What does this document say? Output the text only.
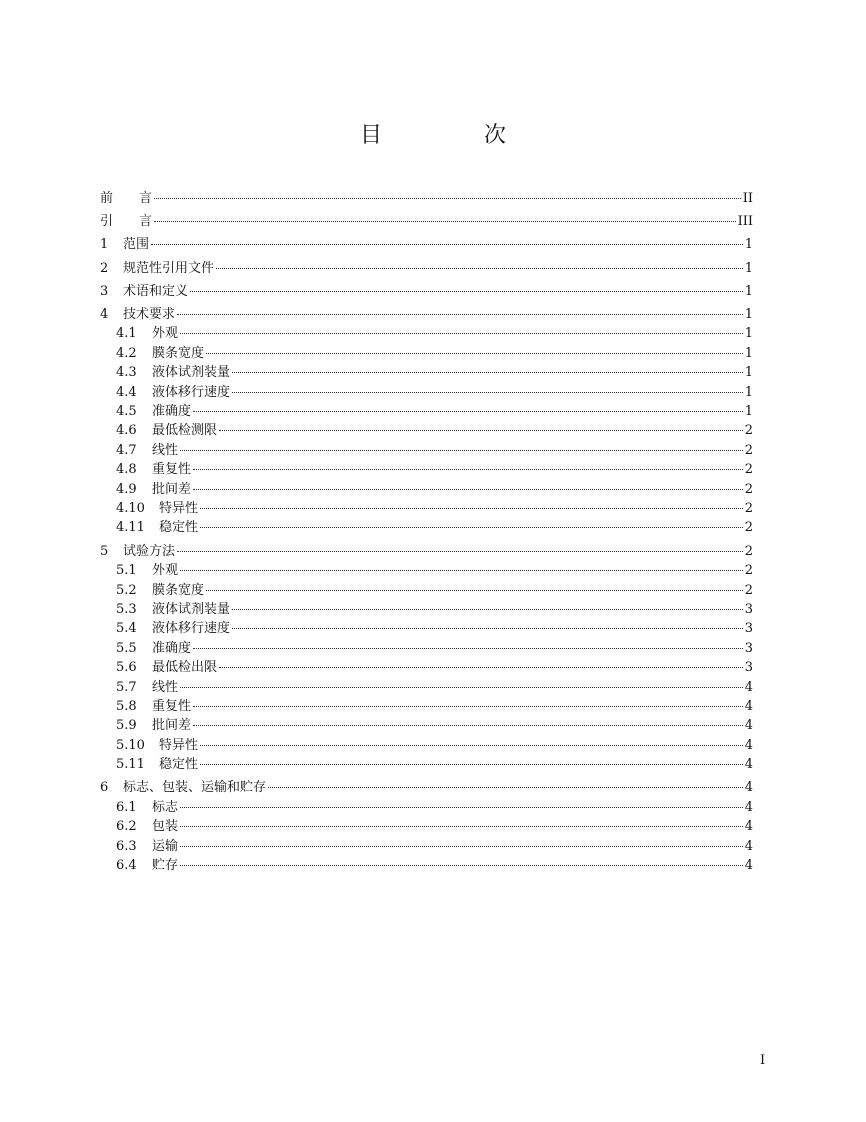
目　次
前　　言	II
引　　言	III
1	范围	1
2	规范性引用文件	1
3	术语和定义	1
4	技术要求	1
4.1	外观	1
4.2	膜条宽度	1
4.3	液体试剂装量	1
4.4	液体移行速度	1
4.5	准确度	1
4.6	最低检测限	2
4.7	线性	2
4.8	重复性	2
4.9	批间差	2
4.10	特异性	2
4.11	稳定性	2
5	试验方法	2
5.1	外观	2
5.2	膜条宽度	2
5.3	液体试剂装量	3
5.4	液体移行速度	3
5.5	准确度	3
5.6	最低检出限	3
5.7	线性	4
5.8	重复性	4
5.9	批间差	4
5.10	特异性	4
5.11	稳定性	4
6	标志、包装、运输和贮存	4
6.1	标志	4
6.2	包装	4
6.3	运输	4
6.4	贮存	4
I
